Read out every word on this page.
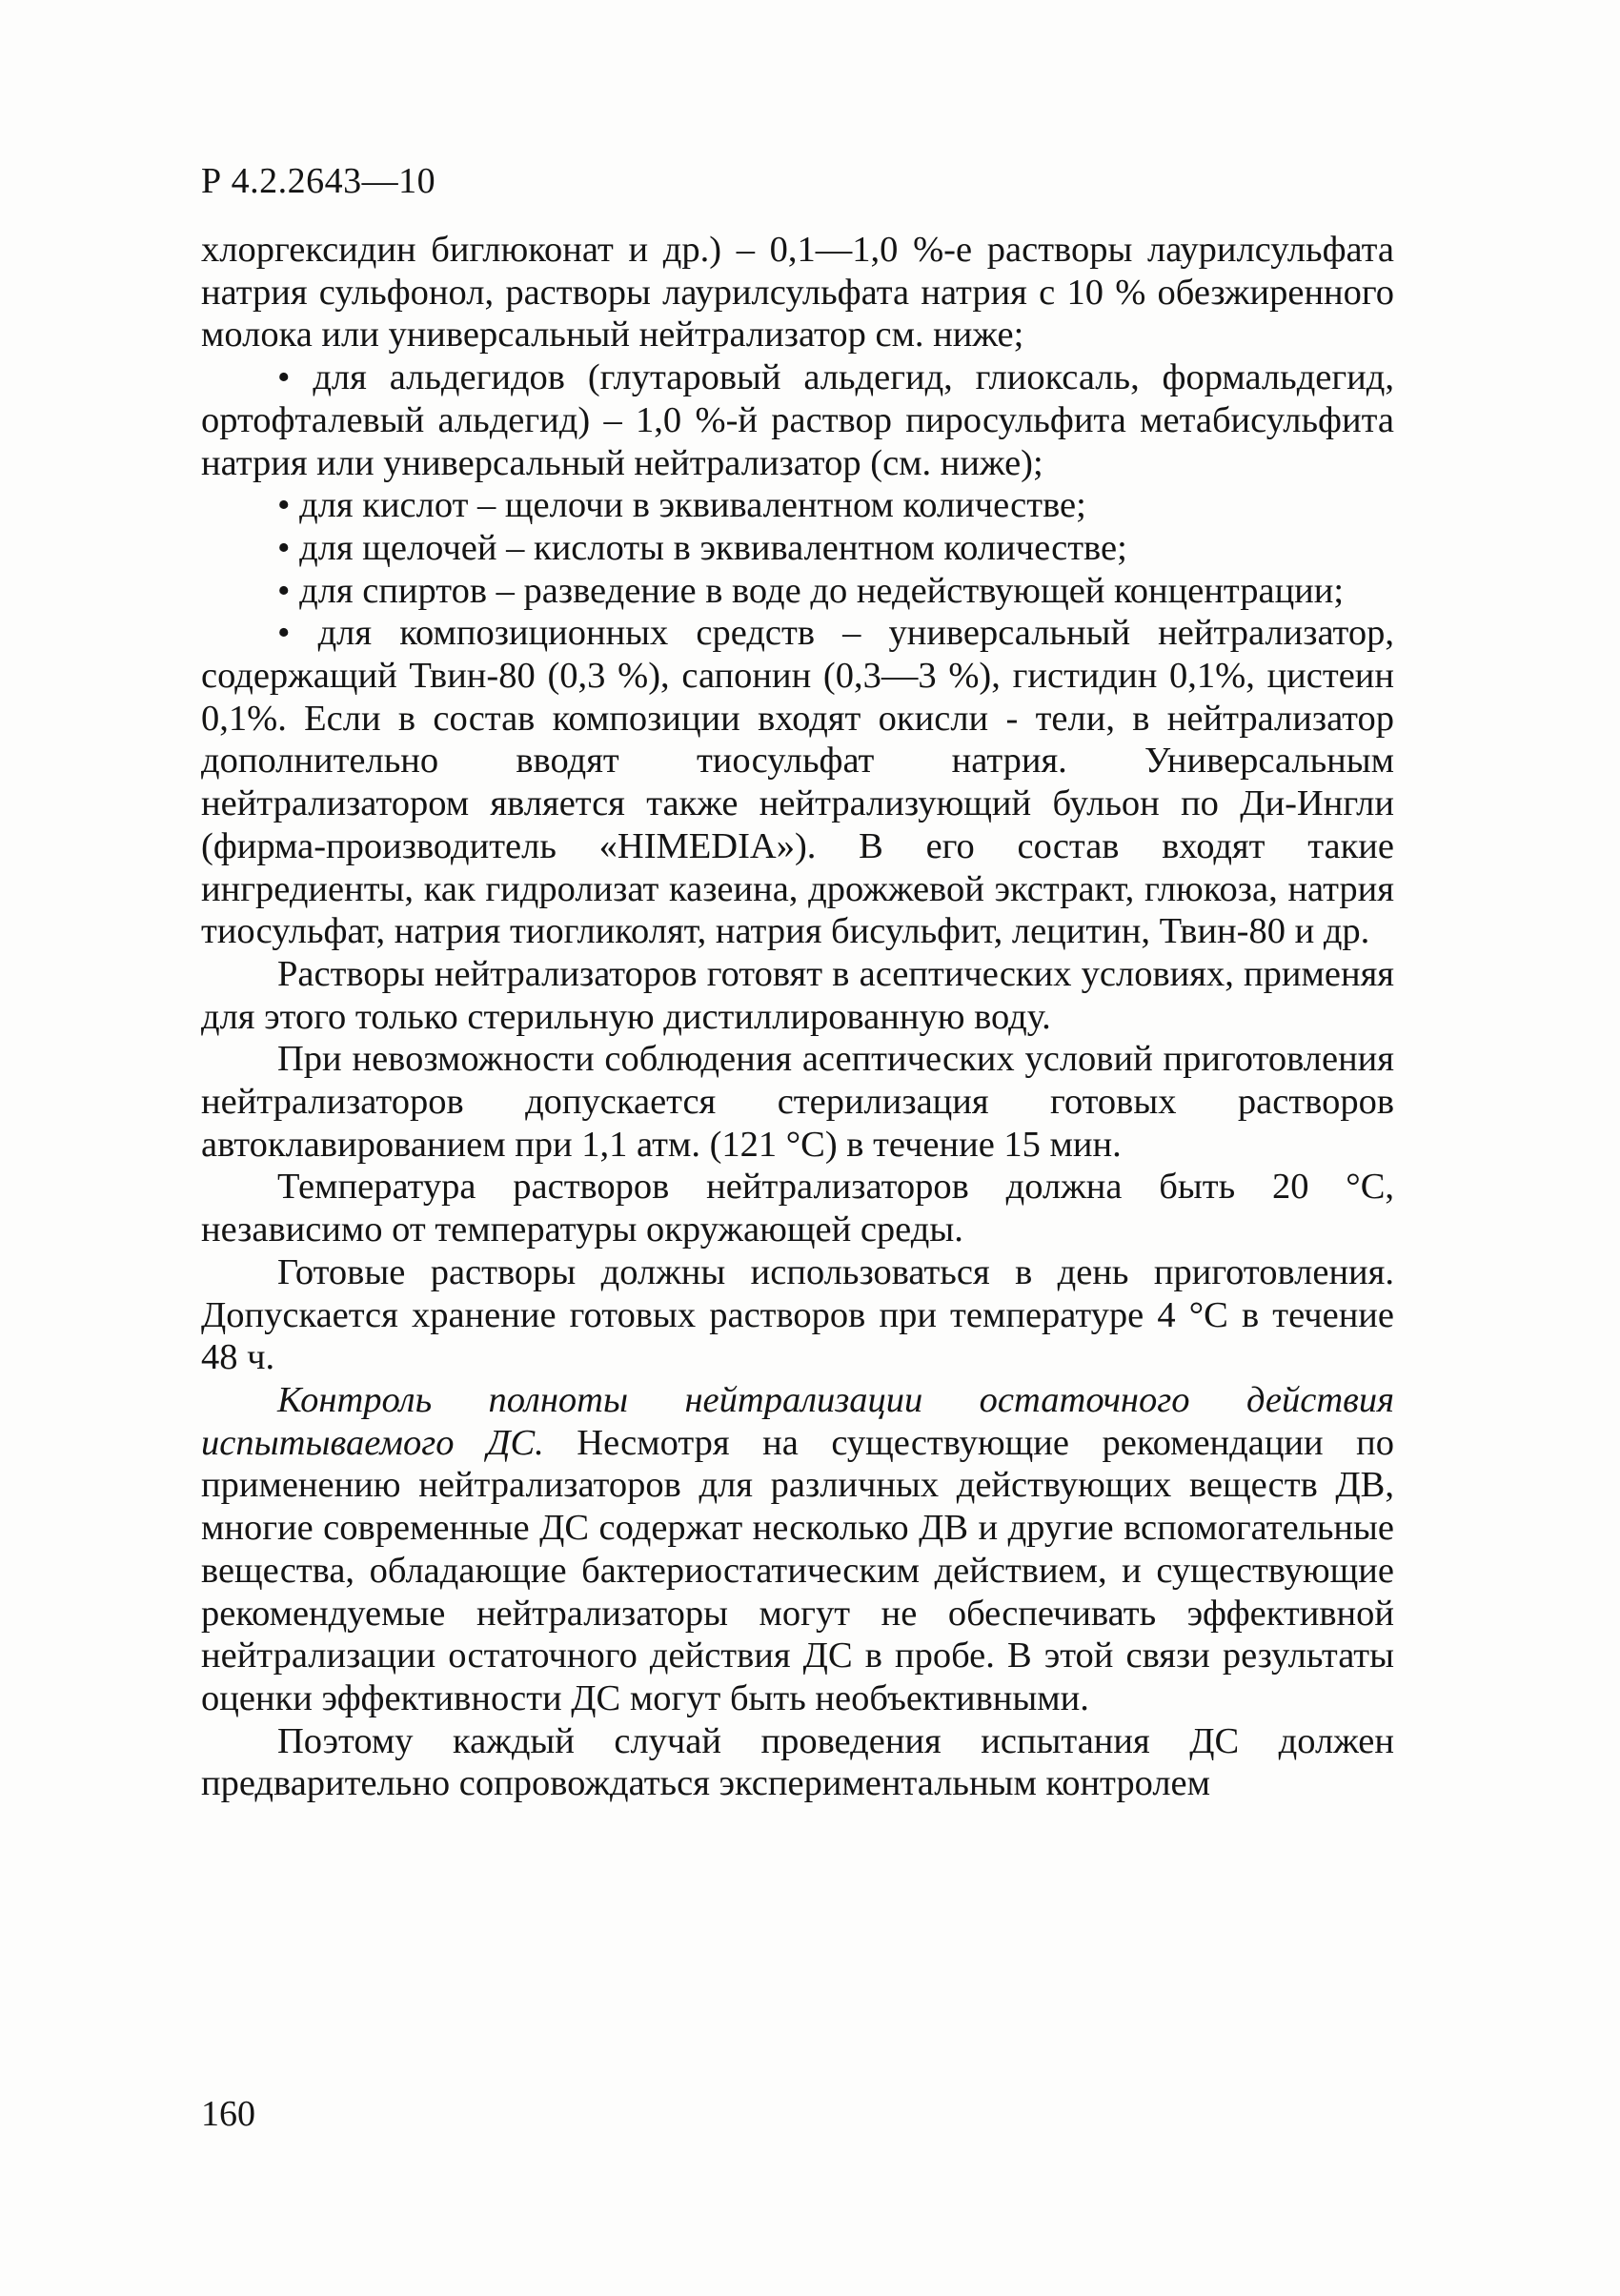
Р 4.2.2643—10

хлоргексидин биглюконат и др.) – 0,1—1,0 %-е растворы лаурилсульфата натрия сульфонол, растворы лаурилсульфата натрия с 10 % обезжиренного молока или универсальный нейтрализатор см. ниже;

• для альдегидов (глутаровый альдегид, глиоксаль, формальдегид, ортофталевый альдегид) – 1,0 %-й раствор пиросульфита метабисульфита натрия или универсальный нейтрализатор (см. ниже);

• для кислот – щелочи в эквивалентном количестве;

• для щелочей – кислоты в эквивалентном количестве;

• для спиртов – разведение в воде до недействующей концентрации;

• для композиционных средств – универсальный нейтрализатор, содержащий Твин-80 (0,3 %), сапонин (0,3—3 %), гистидин 0,1%, цистеин 0,1%. Если в состав композиции входят окисли - тели, в нейтрализатор дополнительно вводят тиосульфат натрия. Универсальным нейтрализатором является также нейтрализующий бульон по Ди-Ингли (фирма-производитель «HIMEDIA»). В его состав входят такие ингредиенты, как гидролизат казеина, дрожжевой экстракт, глюкоза, натрия тиосульфат, натрия тиогликолят, натрия бисульфит, лецитин, Твин-80 и др.

Растворы нейтрализаторов готовят в асептических условиях, применяя для этого только стерильную дистиллированную воду.

При невозможности соблюдения асептических условий приготовления нейтрализаторов допускается стерилизация готовых растворов автоклавированием при 1,1 атм. (121 °С) в течение 15 мин.

Температура растворов нейтрализаторов должна быть 20 °С, независимо от температуры окружающей среды.

Готовые растворы должны использоваться в день приготовления. Допускается хранение готовых растворов при температуре 4 °С в течение 48 ч.

Контроль полноты нейтрализации остаточного действия испытываемого ДС. Несмотря на существующие рекомендации по применению нейтрализаторов для различных действующих веществ ДВ, многие современные ДС содержат несколько ДВ и другие вспомогательные вещества, обладающие бактериостатическим действием, и существующие рекомендуемые нейтрализаторы могут не обеспечивать эффективной нейтрализации остаточного действия ДС в пробе. В этой связи результаты оценки эффективности ДС могут быть необъективными.

Поэтому каждый случай проведения испытания ДС должен предварительно сопровождаться экспериментальным контролем

160
